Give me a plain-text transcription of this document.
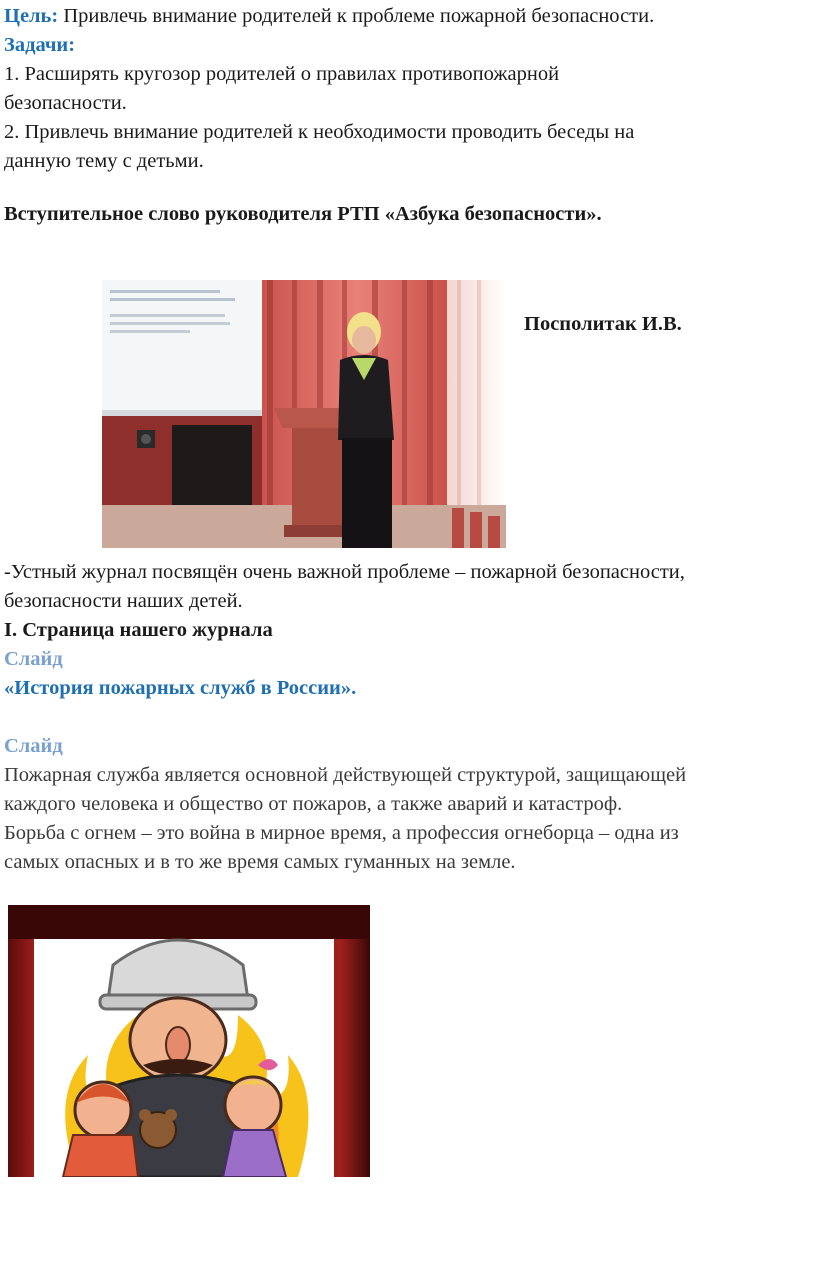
Цель: Привлечь внимание родителей к проблеме пожарной безопасности.

Задачи:

1. Расширять кругозор родителей о правилах противопожарной

безопасности.

2. Привлечь внимание родителей к необходимости проводить беседы на

данную тему с детьми.

Вступительное слово руководителя РТП «Азбука безопасности».

Посполитак И.В.

-Устный журнал посвящён очень важной проблеме – пожарной безопасности,

безопасности наших детей.

I. Страница нашего журнала

Слайд

«История пожарных служб в России».

Слайд

Пожарная служба является основной действующей структурой, защищающей

каждого человека и общество от пожаров, а также аварий и катастроф.

Борьба с огнем – это война в мирное время, а профессия огнеборца – одна из

самых опасных и в то же время самых гуманных на земле.
